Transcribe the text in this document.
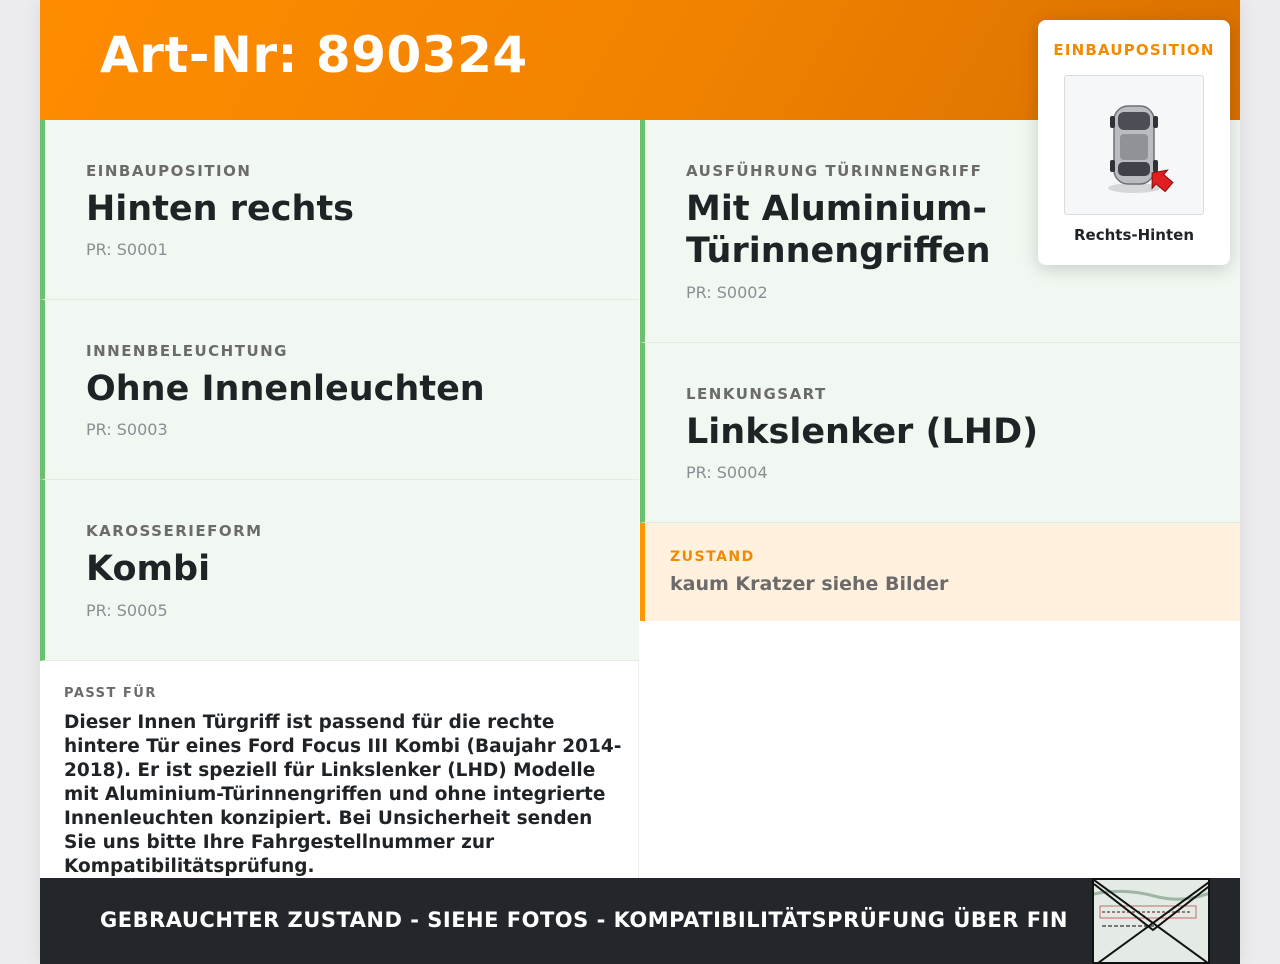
Art-Nr: 890324
EINBAUPOSITION
Hinten rechts
PR: S0001
INNENBELEUCHTUNG
Ohne Innenleuchten
PR: S0003
KAROSSERIEFORM
Kombi
PR: S0005
AUSFÜHRUNG TÜRINNENGRIFF
Mit Aluminium-Türinnengriffen
PR: S0002
LENKUNGSART
Linkslenker (LHD)
PR: S0004
ZUSTAND
kaum Kratzer siehe Bilder
PASST FÜR
Dieser Innen Türgriff ist passend für die rechte hintere Tür eines Ford Focus III Kombi (Baujahr 2014-2018). Er ist speziell für Linkslenker (LHD) Modelle mit Aluminium-Türinnengriffen und ohne integrierte Innenleuchten konzipiert. Bei Unsicherheit senden Sie uns bitte Ihre Fahrgestellnummer zur Kompatibilitätsprüfung.
GEBRAUCHTER ZUSTAND - SIEHE FOTOS - KOMPATIBILITÄTSPRÜFUNG ÜBER FIN
EINBAUPOSITION
Rechts-Hinten
